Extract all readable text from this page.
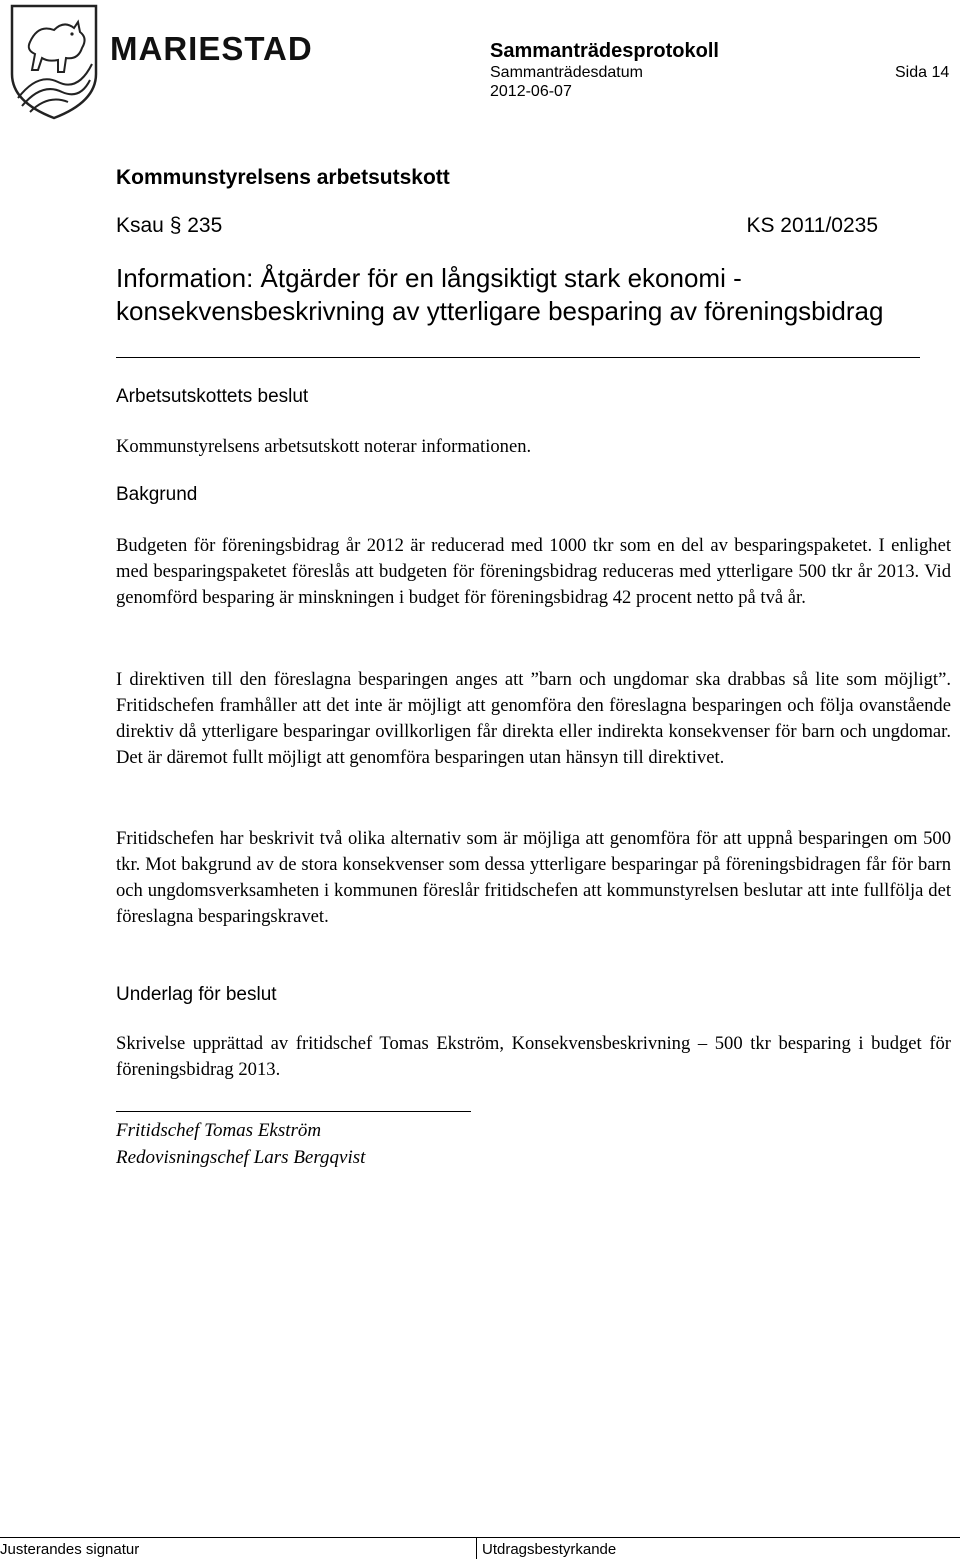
MARIESTAD	Sammanträdesprotokoll
Sammanträdesdatum
2012-06-07
Sida 14
Kommunstyrelsens arbetsutskott
Ksau § 235	KS 2011/0235
Information: Åtgärder för en långsiktigt stark ekonomi - konsekvensbeskrivning av ytterligare besparing av föreningsbidrag
Arbetsutskottets beslut

Kommunstyrelsens arbetsutskott noterar informationen.

Bakgrund

Budgeten för föreningsbidrag år 2012 är reducerad med 1000 tkr som en del av besparingspaketet. I enlighet med besparingspaketet föreslås att budgeten för föreningsbidrag reduceras med ytterligare 500 tkr år 2013. Vid genomförd besparing är minskningen i budget för föreningsbidrag 42 procent netto på två år.

I direktiven till den föreslagna besparingen anges att ”barn och ungdomar ska drabbas så lite som möjligt”. Fritidschefen framhåller att det inte är möjligt att genomföra den föreslagna besparingen och följa ovanstående direktiv då ytterligare besparingar ovillkorligen får direkta eller indirekta konsekvenser för barn och ungdomar. Det är däremot fullt möjligt att genomföra besparingen utan hänsyn till direktivet.

Fritidschefen har beskrivit två olika alternativ som är möjliga att genomföra för att uppnå besparingen om 500 tkr. Mot bakgrund av de stora konsekvenser som dessa ytterligare besparingar på föreningsbidragen får för barn och ungdomsverksamheten i kommunen föreslår fritidschefen att kommunstyrelsen beslutar att inte fullfölja det föreslagna besparingskravet.

Underlag för beslut

Skrivelse upprättad av fritidschef Tomas Ekström, Konsekvensbeskrivning – 500 tkr besparing i budget för föreningsbidrag 2013.

Fritidschef Tomas Ekström
Redovisningschef Lars Bergqvist
Justerandes signatur	Utdragsbestyrkande
